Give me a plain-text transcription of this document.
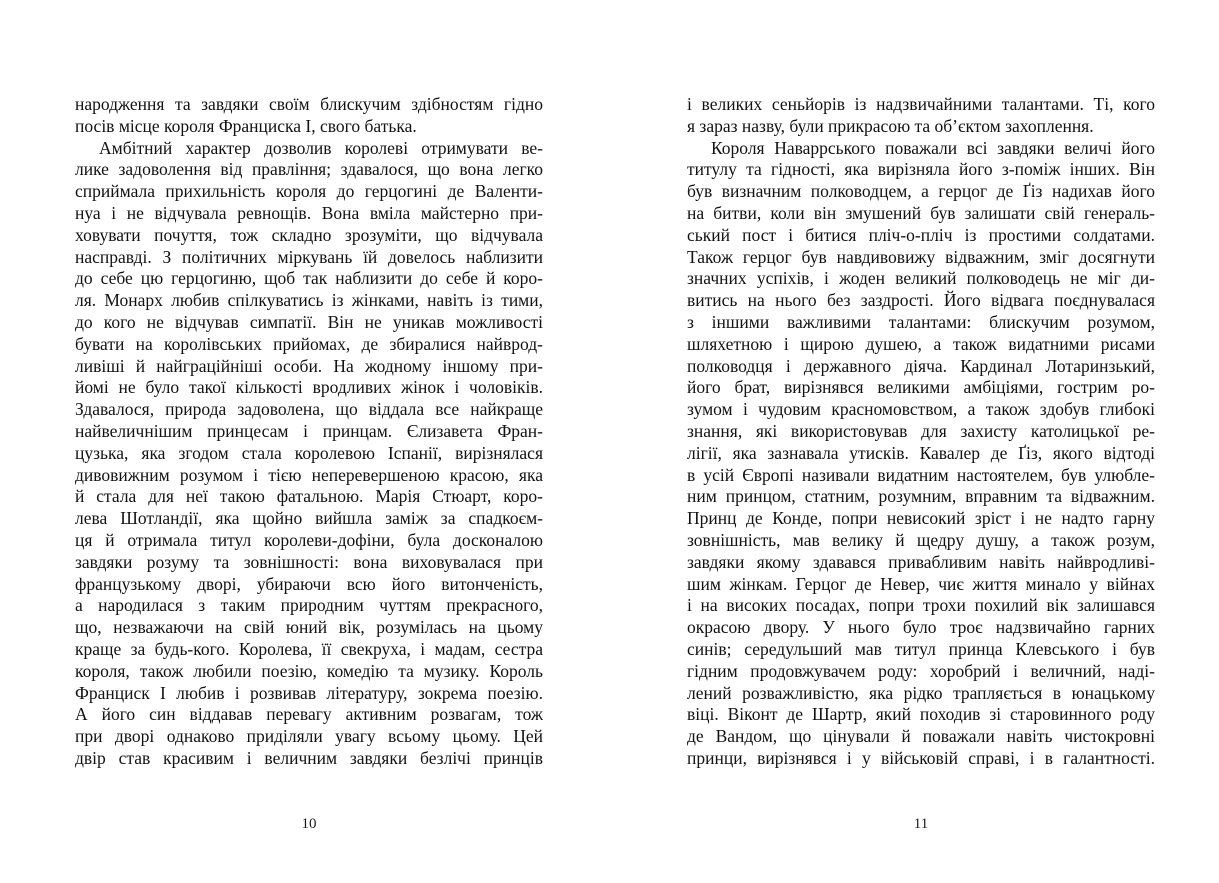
народження та завдяки своїм блискучим здібностям гідно
посів місце короля Франциска I, свого батька.
Амбітний характер дозволив королеві отримувати ве-
лике задоволення від правління; здавалося, що вона легко
сприймала прихильність короля до герцогині де Валенти-
нуа і не відчувала ревнощів. Вона вміла майстерно при-
ховувати почуття, тож складно зрозуміти, що відчувала
насправді. З політичних міркувань їй довелось наблизити
до себе цю герцогиню, щоб так наблизити до себе й коро-
ля. Монарх любив спілкуватись із жінками, навіть із тими,
до кого не відчував симпатії. Він не уникав можливості
бувати на королівських прийомах, де збиралися найврод-
ливіші й найграційніші особи. На жодному іншому при-
йомі не було такої кількості вродливих жінок і чоловіків.
Здавалося, природа задоволена, що віддала все найкраще
найвеличнішим принцесам і принцам. Єлизавета Фран-
цузька, яка згодом стала королевою Іспанії, вирізнялася
дивовижним розумом і тією неперевершеною красою, яка
й стала для неї такою фатальною. Марія Стюарт, коро-
лева Шотландії, яка щойно вийшла заміж за спадкоєм-
ця й отримала титул королеви-дофіни, була досконалою
завдяки розуму та зовнішності: вона виховувалася при
французькому дворі, убираючи всю його витонченість,
а народилася з таким природним чуттям прекрасного,
що, незважаючи на свій юний вік, розумілась на цьому
краще за будь-кого. Королева, її свекруха, і мадам, сестра
короля, також любили поезію, комедію та музику. Король
Франциск I любив і розвивав літературу, зокрема поезію.
А його син віддавав перевагу активним розвагам, тож
при дворі однаково приділяли увагу всьому цьому. Цей
двір став красивим і величним завдяки безлічі принців
10
і великих сеньйорів із надзвичайними талантами. Ті, кого
я зараз назву, були прикрасою та об’єктом захоплення.
Короля Наваррського поважали всі завдяки величі його
титулу та гідності, яка вирізняла його з-поміж інших. Він
був визначним полководцем, а герцог де Ґіз надихав його
на битви, коли він змушений був залишати свій генераль-
ський пост і битися пліч-о-пліч із простими солдатами.
Також герцог був навдивовижу відважним, зміг досягнути
значних успіхів, і жоден великий полководець не міг ди-
витись на нього без заздрості. Його відвага поєднувалася
з іншими важливими талантами: блискучим розумом,
шляхетною і щирою душею, а також видатними рисами
полководця і державного діяча. Кардинал Лотаринзький,
його брат, вирізнявся великими амбіціями, гострим ро-
зумом і чудовим красномовством, а також здобув глибокі
знання, які використовував для захисту католицької ре-
лігії, яка зазнавала утисків. Кавалер де Ґіз, якого відтоді
в усій Європі називали видатним настоятелем, був улюбле-
ним принцом, статним, розумним, вправним та відважним.
Принц де Конде, попри невисокий зріст і не надто гарну
зовнішність, мав велику й щедру душу, а також розум,
завдяки якому здавався привабливим навіть найвродливі-
шим жінкам. Герцог де Невер, чиє життя минало у війнах
і на високих посадах, попри трохи похилий вік залишався
окрасою двору. У нього було троє надзвичайно гарних
синів; середульший мав титул принца Клевського і був
гідним продовжувачем роду: хоробрий і величний, наді-
лений розважливістю, яка рідко трапляється в юнацькому
віці. Віконт де Шартр, який походив зі старовинного роду
де Вандом, що цінували й поважали навіть чистокровні
принци, вирізнявся і у військовій справі, і в галантності.
11
